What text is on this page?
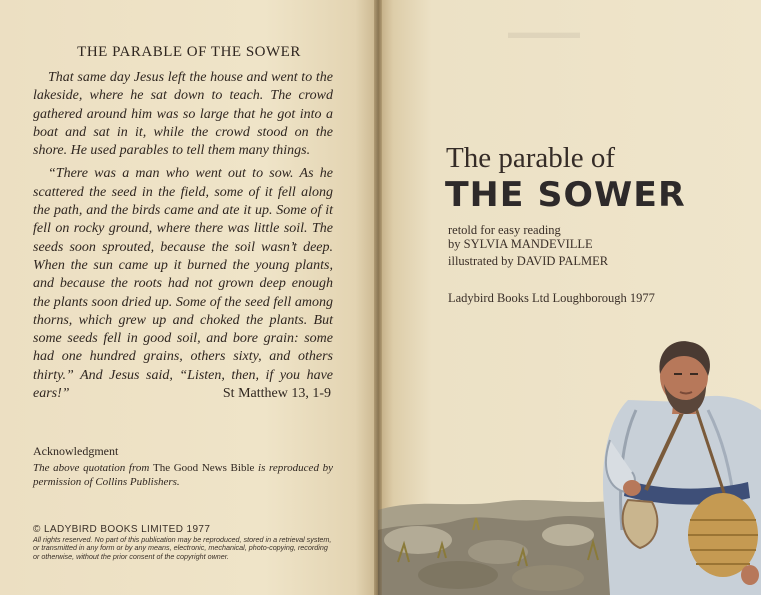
THE PARABLE OF THE SOWER

That same day Jesus left the house and went to the lakeside, where he sat down to teach. The crowd gathered around him was so large that he got into a boat and sat in it, while the crowd stood on the shore. He used parables to tell them many things.

“There was a man who went out to sow. As he scattered the seed in the field, some of it fell along the path, and the birds came and ate it up. Some of it fell on rocky ground, where there was little soil. The seeds soon sprouted, because the soil wasn’t deep. When the sun came up it burned the young plants, and because the roots had not grown deep enough the plants soon dried up. Some of the seed fell among thorns, which grew up and choked the plants. But some seeds fell in good soil, and bore grain: some had one hundred grains, others sixty, and others thirty.” And Jesus said, “Listen, then, if you have ears!”	St Matthew 13, 1-9

Acknowledgment
The above quotation from The Good News Bible is reproduced by permission of Collins Publishers.
© LADYBIRD BOOKS LIMITED 1977
All rights reserved. No part of this publication may be reproduced, stored in a retrieval system, or transmitted in any form or by any means, electronic, mechanical, photo-copying, recording or otherwise, without the prior consent of the copyright owner.
▬▬▬▬
The parable of
THE SOWER
retold for easy reading
by SYLVIA MANDEVILLE
illustrated by DAVID PALMER
Ladybird Books Ltd Loughborough 1977
